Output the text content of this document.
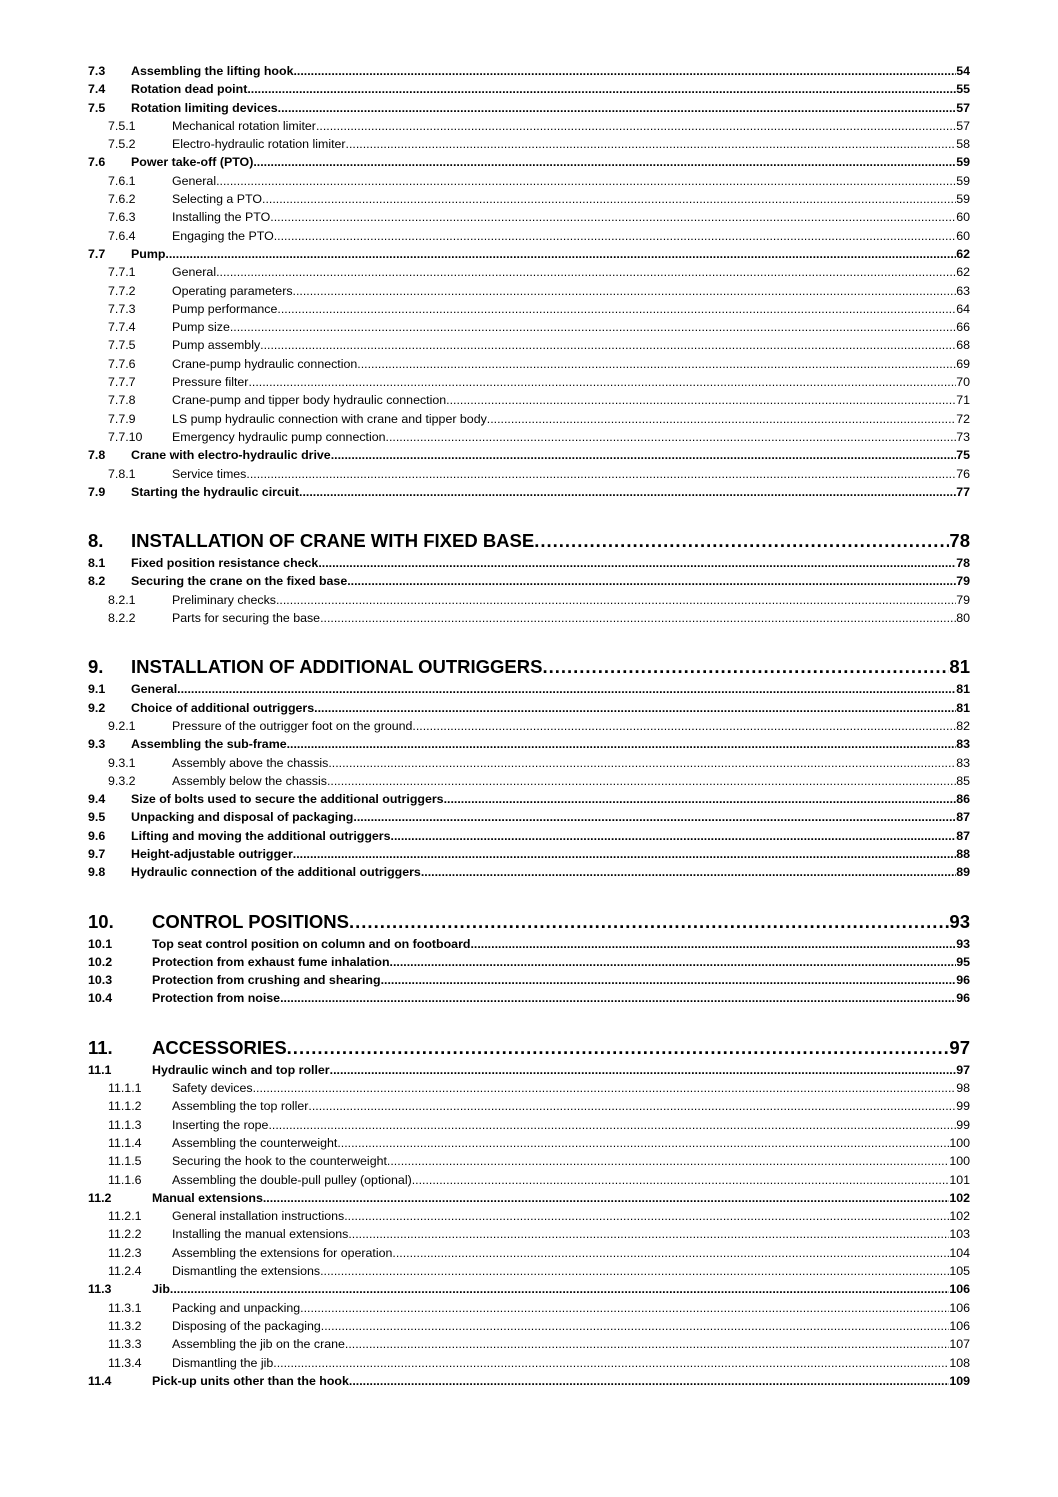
7.3	Assembling the lifting hook .....	54
7.4	Rotation dead point .....	55
7.5	Rotation limiting devices .....	57
7.5.1	Mechanical rotation limiter .....	57
7.5.2	Electro-hydraulic rotation limiter .....	58
7.6	Power take-off (PTO) .....	59
7.6.1	General .....	59
7.6.2	Selecting a PTO .....	59
7.6.3	Installing the PTO .....	60
7.6.4	Engaging the PTO .....	60
7.7	Pump .....	62
7.7.1	General .....	62
7.7.2	Operating parameters .....	63
7.7.3	Pump performance .....	64
7.7.4	Pump size .....	66
7.7.5	Pump assembly .....	68
7.7.6	Crane-pump hydraulic connection .....	69
7.7.7	Pressure filter .....	70
7.7.8	Crane-pump and tipper body hydraulic connection .....	71
7.7.9	LS pump hydraulic connection with crane and tipper body .....	72
7.7.10	Emergency hydraulic pump connection .....	73
7.8	Crane with electro-hydraulic drive .....	75
7.8.1	Service times .....	76
7.9	Starting the hydraulic circuit .....	77
8.	INSTALLATION OF CRANE WITH FIXED BASE .....	78
8.1	Fixed position resistance check .....	78
8.2	Securing the crane on the fixed base .....	79
8.2.1	Preliminary checks .....	79
8.2.2	Parts for securing the base .....	80
9.	INSTALLATION OF ADDITIONAL OUTRIGGERS .....	81
9.1	General .....	81
9.2	Choice of additional outriggers .....	81
9.2.1	Pressure of the outrigger foot on the ground .....	82
9.3	Assembling the sub-frame .....	83
9.3.1	Assembly above the chassis .....	83
9.3.2	Assembly below the chassis .....	85
9.4	Size of bolts used to secure the additional outriggers .....	86
9.5	Unpacking and disposal of packaging .....	87
9.6	Lifting and moving the additional outriggers .....	87
9.7	Height-adjustable outrigger .....	88
9.8	Hydraulic connection of the additional outriggers .....	89
10.	CONTROL POSITIONS .....	93
10.1	Top seat control position on column and on footboard .....	93
10.2	Protection from exhaust fume inhalation .....	95
10.3	Protection from crushing and shearing .....	96
10.4	Protection from noise .....	96
11.	ACCESSORIES .....	97
11.1	Hydraulic winch and top roller .....	97
11.1.1	Safety devices .....	98
11.1.2	Assembling the top roller .....	99
11.1.3	Inserting the rope .....	99
11.1.4	Assembling the counterweight .....	100
11.1.5	Securing the hook to the counterweight .....	100
11.1.6	Assembling the double-pull pulley (optional) .....	101
11.2	Manual extensions .....	102
11.2.1	General installation instructions .....	102
11.2.2	Installing the manual extensions .....	103
11.2.3	Assembling the extensions for operation .....	104
11.2.4	Dismantling the extensions .....	105
11.3	Jib .....	106
11.3.1	Packing and unpacking .....	106
11.3.2	Disposing of the packaging .....	106
11.3.3	Assembling the jib on the crane .....	107
11.3.4	Dismantling the jib .....	108
11.4	Pick-up units other than the hook .....	109
